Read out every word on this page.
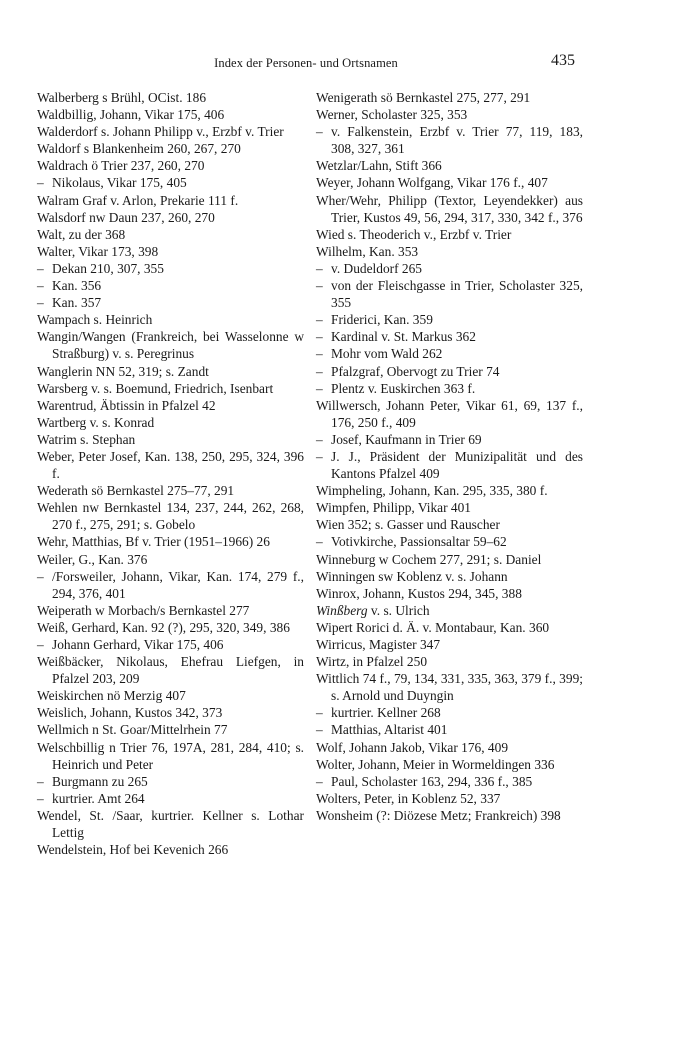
Index der Personen- und Ortsnamen	435
Walberberg s Brühl, OCist. 186
Waldbillig, Johann, Vikar 175, 406
Walderdorf s. Johann Philipp v., Erzbf v. Trier
Waldorf s Blankenheim 260, 267, 270
Waldrach ö Trier 237, 260, 270
– Nikolaus, Vikar 175, 405
Walram Graf v. Arlon, Prekarie 111 f.
Walsdorf nw Daun 237, 260, 270
Walt, zu der 368
Walter, Vikar 173, 398
– Dekan 210, 307, 355
– Kan. 356
– Kan. 357
Wampach s. Heinrich
Wangin/Wangen (Frankreich, bei Wasselonne w Straßburg) v. s. Peregrinus
Wanglerin NN 52, 319; s. Zandt
Warsberg v. s. Boemund, Friedrich, Isenbart
Warentrud, Äbtissin in Pfalzel 42
Wartberg v. s. Konrad
Watrim s. Stephan
Weber, Peter Josef, Kan. 138, 250, 295, 324, 396 f.
Wederath sö Bernkastel 275–77, 291
Wehlen nw Bernkastel 134, 237, 244, 262, 268, 270 f., 275, 291; s. Gobelo
Wehr, Matthias, Bf v. Trier (1951–1966) 26
Weiler, G., Kan. 376
– /Forsweiler, Johann, Vikar, Kan. 174, 279 f., 294, 376, 401
Weiperath w Morbach/s Bernkastel 277
Weiß, Gerhard, Kan. 92 (?), 295, 320, 349, 386
– Johann Gerhard, Vikar 175, 406
Weißbäcker, Nikolaus, Ehefrau Liefgen, in Pfalzel 203, 209
Weiskirchen nö Merzig 407
Weislich, Johann, Kustos 342, 373
Wellmich n St. Goar/Mittelrhein 77
Welschbillig n Trier 76, 197A, 281, 284, 410; s. Heinrich und Peter
– Burgmann zu 265
– kurtrier. Amt 264
Wendel, St. /Saar, kurtrier. Kellner s. Lothar Lettig
Wendelstein, Hof bei Kevenich 266
Wenigerath sö Bernkastel 275, 277, 291
Werner, Scholaster 325, 353
– v. Falkenstein, Erzbf v. Trier 77, 119, 183, 308, 327, 361
Wetzlar/Lahn, Stift 366
Weyer, Johann Wolfgang, Vikar 176 f., 407
Wher/Wehr, Philipp (Textor, Leyendekker) aus Trier, Kustos 49, 56, 294, 317, 330, 342 f., 376
Wied s. Theoderich v., Erzbf v. Trier
Wilhelm, Kan. 353
– v. Dudeldorf 265
– von der Fleischgasse in Trier, Scholaster 325, 355
– Friderici, Kan. 359
– Kardinal v. St. Markus 362
– Mohr vom Wald 262
– Pfalzgraf, Obervogt zu Trier 74
– Plentz v. Euskirchen 363 f.
Willwersch, Johann Peter, Vikar 61, 69, 137 f., 176, 250 f., 409
– Josef, Kaufmann in Trier 69
– J. J., Präsident der Munizipalität und des Kantons Pfalzel 409
Wimpheling, Johann, Kan. 295, 335, 380 f.
Wimpfen, Philipp, Vikar 401
Wien 352; s. Gasser und Rauscher
– Votivkirche, Passionsaltar 59–62
Winneburg w Cochem 277, 291; s. Daniel
Winningen sw Koblenz v. s. Johann
Winrox, Johann, Kustos 294, 345, 388
Winßberg v. s. Ulrich
Wipert Rorici d. Ä. v. Montabaur, Kan. 360
Wirricus, Magister 347
Wirtz, in Pfalzel 250
Wittlich 74 f., 79, 134, 331, 335, 363, 379 f., 399; s. Arnold und Duyngin
– kurtrier. Kellner 268
– Matthias, Altarist 401
Wolf, Johann Jakob, Vikar 176, 409
Wolter, Johann, Meier in Wormeldingen 336
– Paul, Scholaster 163, 294, 336 f., 385
Wolters, Peter, in Koblenz 52, 337
Wonsheim (?: Diözese Metz; Frankreich) 398
